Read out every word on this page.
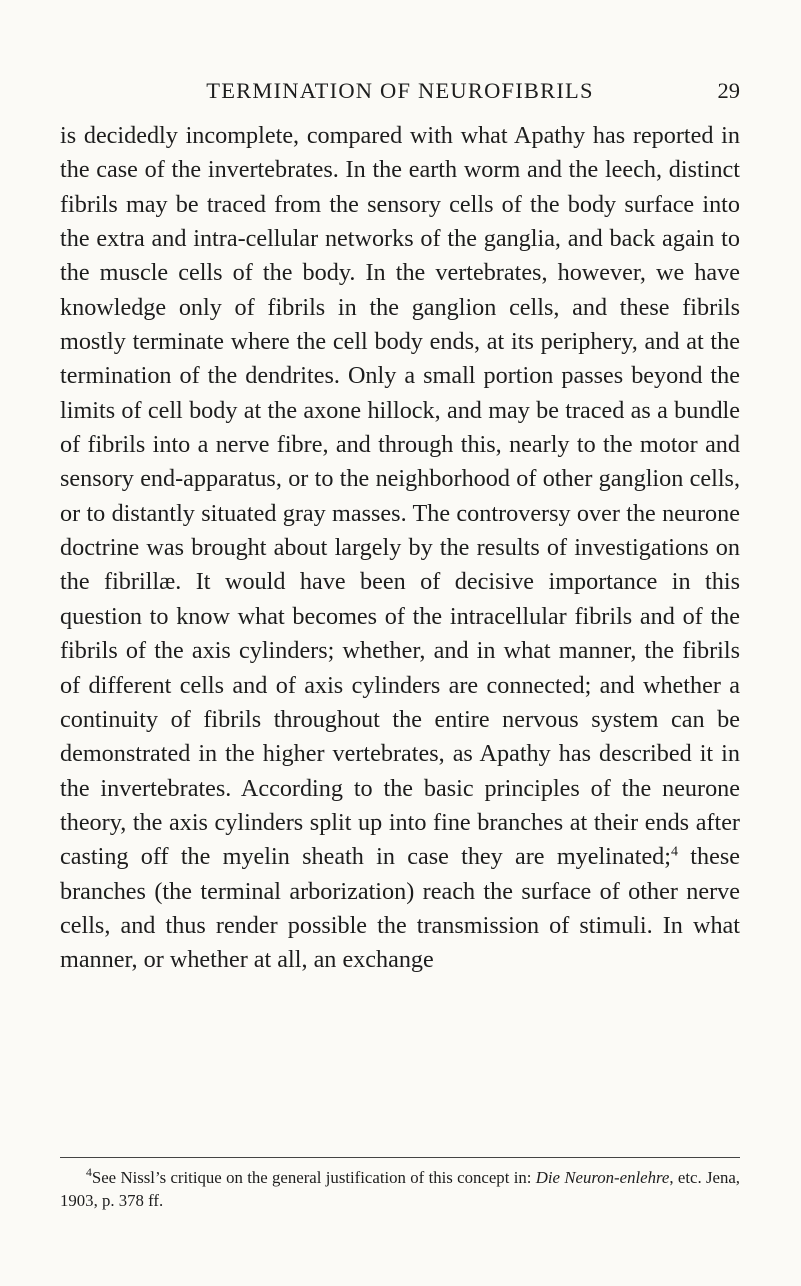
TERMINATION OF NEUROFIBRILS	29

is decidedly incomplete, compared with what Apathy has reported in the case of the invertebrates. In the earth worm and the leech, distinct fibrils may be traced from the sensory cells of the body surface into the extra and intra-cellular networks of the ganglia, and back again to the muscle cells of the body. In the vertebrates, however, we have knowledge only of fibrils in the ganglion cells, and these fibrils mostly terminate where the cell body ends, at its periphery, and at the termination of the dendrites. Only a small portion passes beyond the limits of cell body at the axone hillock, and may be traced as a bundle of fibrils into a nerve fibre, and through this, nearly to the motor and sensory end-apparatus, or to the neighborhood of other ganglion cells, or to distantly situated gray masses. The controversy over the neurone doctrine was brought about largely by the results of investigations on the fibrillæ. It would have been of decisive importance in this question to know what becomes of the intracellular fibrils and of the fibrils of the axis cylinders; whether, and in what manner, the fibrils of different cells and of axis cylinders are connected; and whether a continuity of fibrils throughout the entire nervous system can be demonstrated in the higher vertebrates, as Apathy has described it in the invertebrates. According to the basic principles of the neurone theory, the axis cylinders split up into fine branches at their ends after casting off the myelin sheath in case they are myelinated;$^4$ these branches (the terminal arborization) reach the surface of other nerve cells, and thus render possible the transmission of stimuli. In what manner, or whether at all, an exchange

$^4$See Nissl’s critique on the general justification of this concept in: Die Neuron-enlehre, etc. Jena, 1903, p. 378 ff.
